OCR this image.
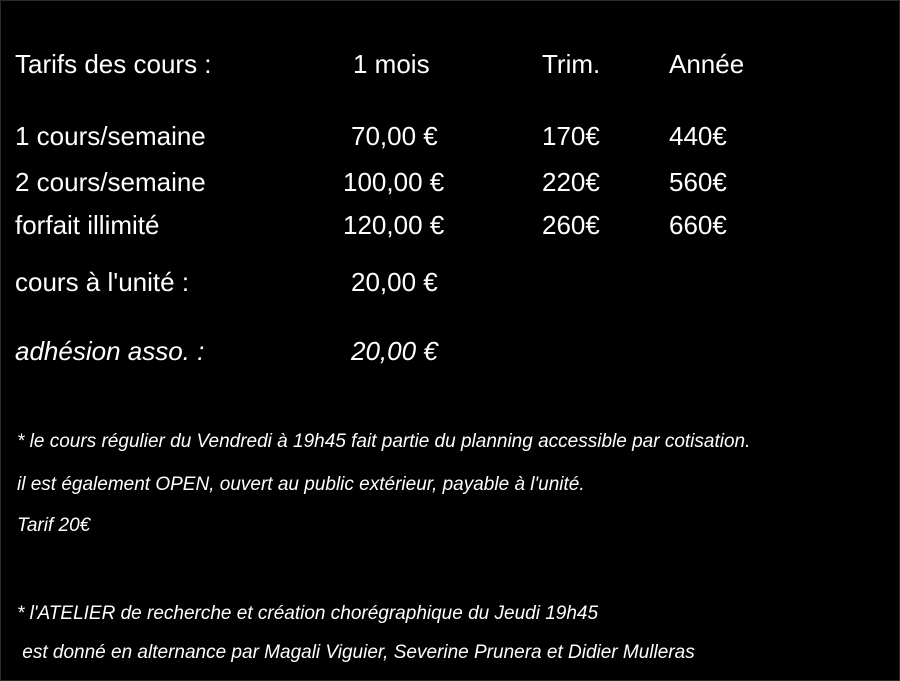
Tarifs des cours :	1 mois	Trim.	Année
1 cours/semaine	70,00 €	170€	440€
2 cours/semaine	100,00 €	220€	560€
forfait illimité	120,00 €	260€	660€
cours à l'unité :	20,00 €
adhésion asso. :	20,00 €
* le cours régulier du Vendredi à 19h45 fait partie du planning accessible par cotisation.
il est également OPEN, ouvert au public extérieur, payable à l'unité.
Tarif 20€
* l'ATELIER de recherche et création chorégraphique du Jeudi 19h45
est donné en alternance par Magali Viguier, Severine Prunera et Didier Mulleras
